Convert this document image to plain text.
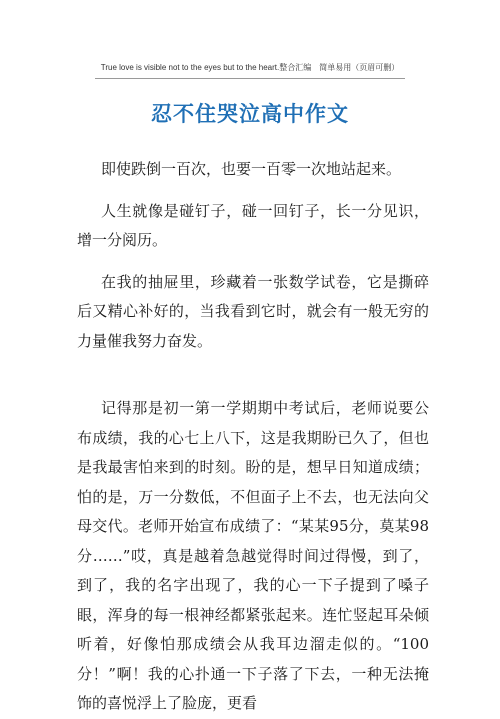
True love is visible not to the eyes but to the heart.整合汇编　简单易用（页眉可删）
忍不住哭泣高中作文

即使跌倒一百次，也要一百零一次地站起来。

人生就像是碰钉子，碰一回钉子，长一分见识，增一分阅历。

在我的抽屉里，珍藏着一张数学试卷，它是撕碎后又精心补好的，当我看到它时，就会有一般无穷的力量催我努力奋发。

记得那是初一第一学期期中考试后，老师说要公布成绩，我的心七上八下，这是我期盼已久了，但也是我最害怕来到的时刻。盼的是，想早日知道成绩；怕的是，万一分数低，不但面子上不去，也无法向父母交代。老师开始宣布成绩了：“某某95分，莫某98分……”哎，真是越着急越觉得时间过得慢，到了，到了，我的名字出现了，我的心一下子提到了嗓子眼，浑身的每一根神经都紧张起来。连忙竖起耳朵倾听着，好像怕那成绩会从我耳边溜走似的。“100分！”啊！我的心扑通一下子落了下去，一种无法掩饰的喜悦浮上了脸庞，更看
